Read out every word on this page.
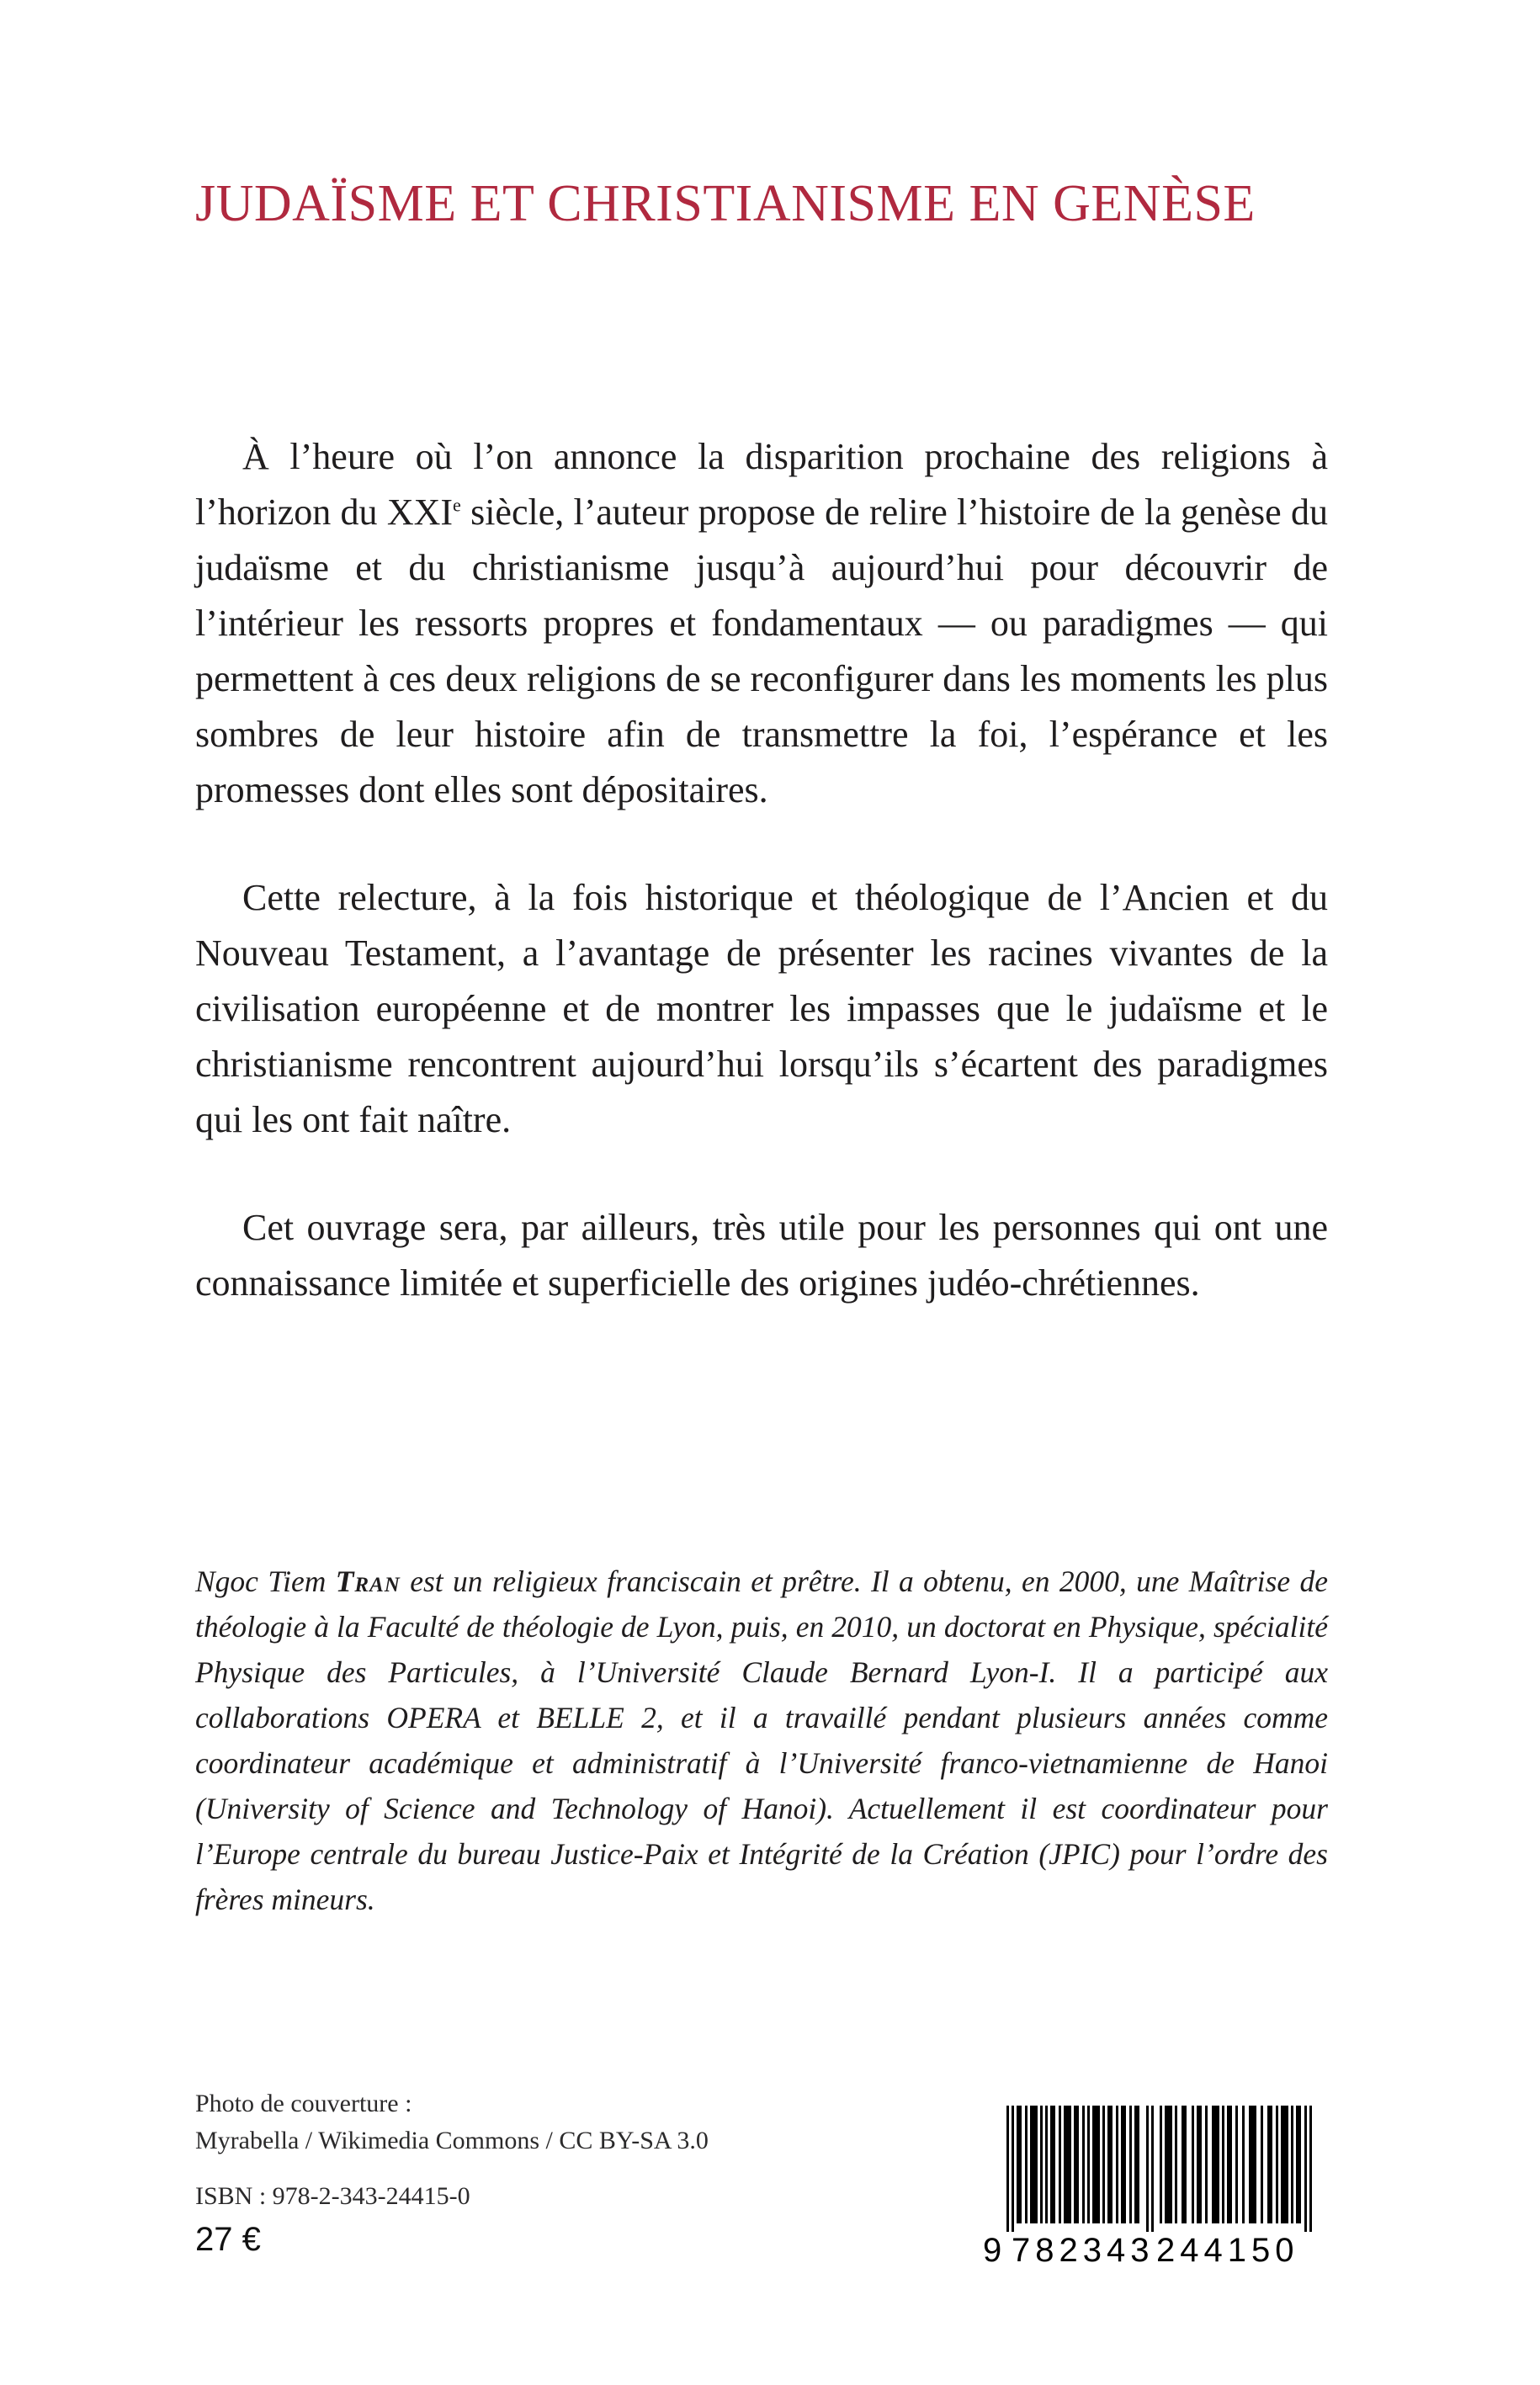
JUDAÏSME ET CHRISTIANISME EN GENÈSE

À l’heure où l’on annonce la disparition prochaine des religions à l’horizon du XXIe siècle, l’auteur propose de relire l’histoire de la genèse du judaïsme et du christianisme jusqu’à aujourd’hui pour découvrir de l’intérieur les ressorts propres et fondamentaux — ou paradigmes — qui permettent à ces deux religions de se reconfigurer dans les moments les plus sombres de leur histoire afin de transmettre la foi, l’espérance et les promesses dont elles sont dépositaires.

Cette relecture, à la fois historique et théologique de l’Ancien et du Nouveau Testament, a l’avantage de présenter les racines vivantes de la civilisation européenne et de montrer les impasses que le judaïsme et le christianisme rencontrent aujourd’hui lorsqu’ils s’écartent des paradigmes qui les ont fait naître.

Cet ouvrage sera, par ailleurs, très utile pour les personnes qui ont une connaissance limitée et superficielle des origines judéo-chrétiennes.

Ngoc Tiem Tran est un religieux franciscain et prêtre. Il a obtenu, en 2000, une Maîtrise de théologie à la Faculté de théologie de Lyon, puis, en 2010, un doctorat en Physique, spécialité Physique des Particules, à l’Université Claude Bernard Lyon-I. Il a participé aux collaborations OPERA et BELLE 2, et il a travaillé pendant plusieurs années comme coordinateur académique et administratif à l’Université franco-vietnamienne de Hanoi (University of Science and Technology of Hanoi). Actuellement il est coordinateur pour l’Europe centrale du bureau Justice-Paix et Intégrité de la Création (JPIC) pour l’ordre des frères mineurs.

Photo de couverture :
Myrabella / Wikimedia Commons / CC BY-SA 3.0

ISBN : 978-2-343-24415-0

27 €	9 782343244150
